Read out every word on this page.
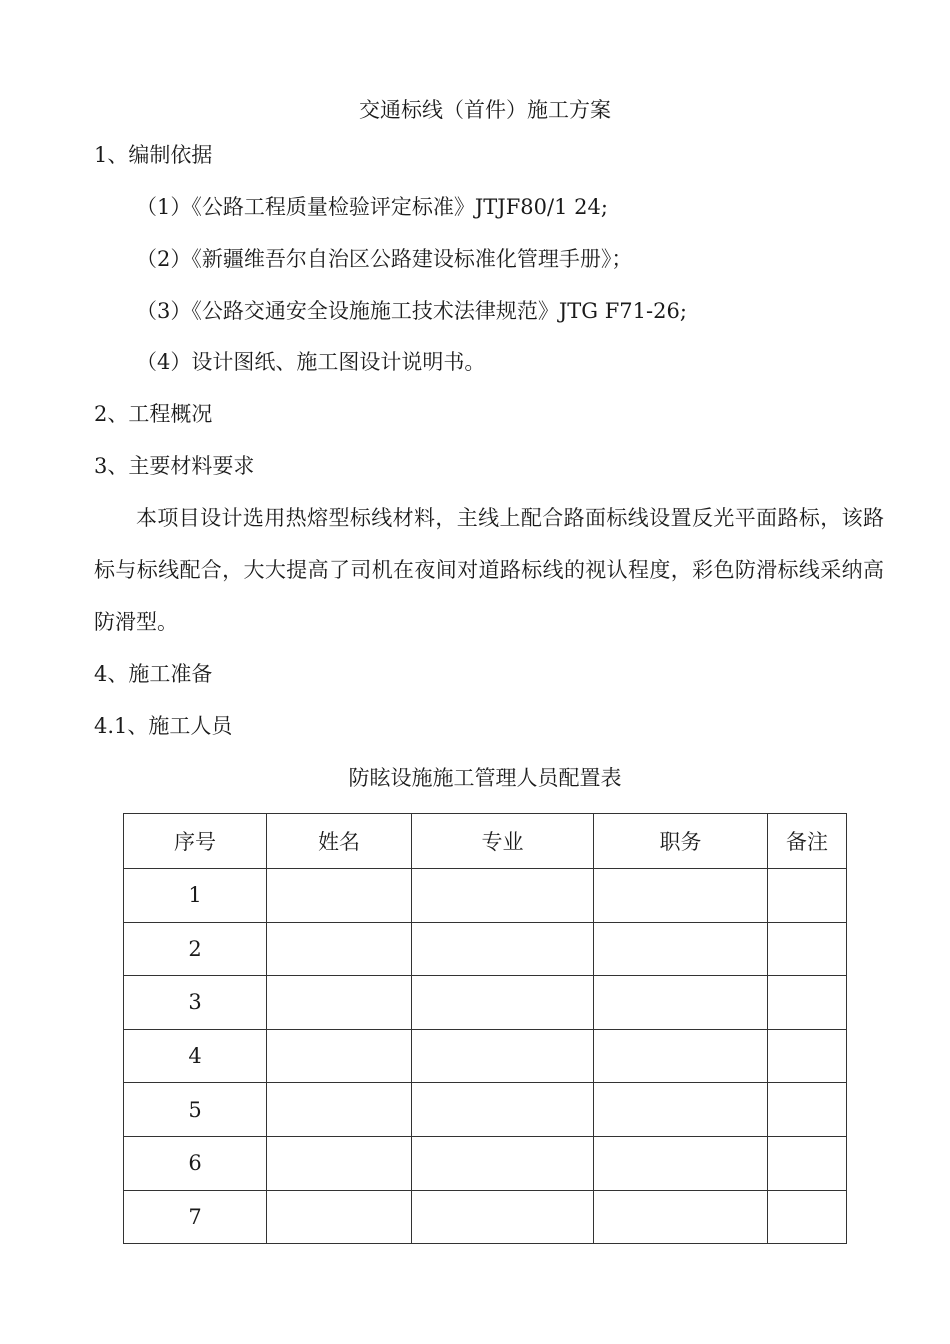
交通标线（首件）施工方案
1、编制依据
（1）《公路工程质量检验评定标准》JTJF80/1 24;
（2）《新疆维吾尔自治区公路建设标准化管理手册》；
（3）《公路交通安全设施施工技术法律规范》JTG F71-26;
（4）设计图纸、施工图设计说明书。
2、工程概况
3、主要材料要求
本项目设计选用热熔型标线材料，主线上配合路面标线设置反光平面路标，该路标与标线配合，大大提高了司机在夜间对道路标线的视认程度，彩色防滑标线采纳高防滑型。
4、施工准备
4.1、施工人员
防眩设施施工管理人员配置表
序号	姓名	专业	职务	备注
1				
2				
3				
4				
5				
6				
7				
